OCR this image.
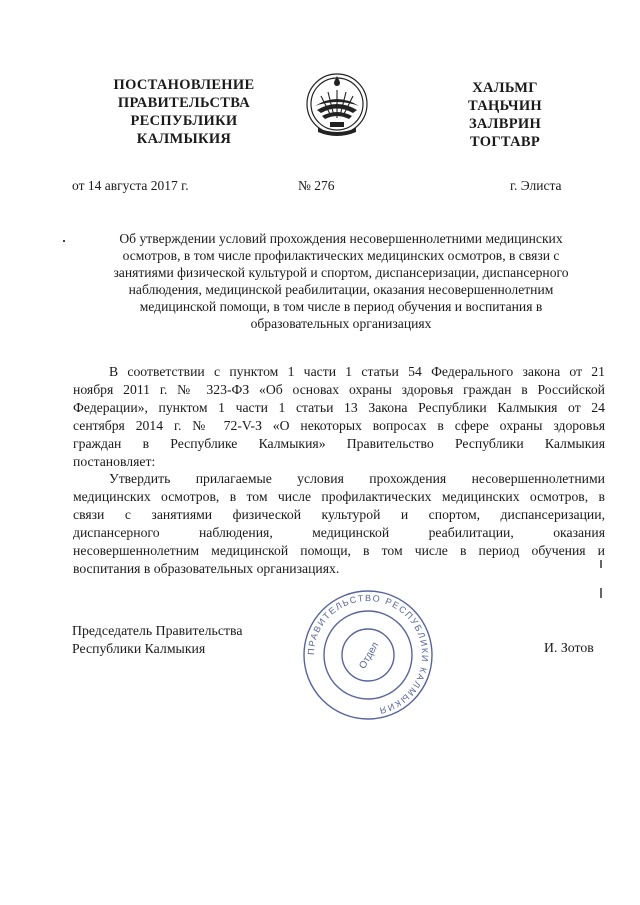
ПОСТАНОВЛЕНИЕ
ПРАВИТЕЛЬСТВА
РЕСПУБЛИКИ
КАЛМЫКИЯ
ХАЛЬМГ
ТАҢЬЧИН
ЗАЛВРИН
ТОГТАВР
от 14 августа 2017 г.	№ 276	г. Элиста
Об утверждении условий прохождения несовершеннолетними медицинских
осмотров, в том числе профилактических медицинских осмотров, в связи с
занятиями физической культурой и спортом, диспансеризации, диспансерного
наблюдения, медицинской реабилитации, оказания несовершеннолетним
медицинской помощи, в том числе в период обучения и воспитания в
образовательных организациях
В соответствии с пунктом 1 части 1 статьи 54 Федерального закона от 21
ноября 2011 г. № 323-ФЗ «Об основах охраны здоровья граждан в Российской
Федерации», пунктом 1 части 1 статьи 13 Закона Республики Калмыкия от 24
сентября 2014 г. № 72-V-З «О некоторых вопросах в сфере охраны здоровья
граждан в Республике Калмыкия» Правительство Республики Калмыкия
постановляет:
Утвердить прилагаемые условия прохождения несовершеннолетними
медицинских осмотров, в том числе профилактических медицинских осмотров, в
связи с занятиями физической культурой и спортом, диспансеризации,
диспансерного наблюдения, медицинской реабилитации, оказания
несовершеннолетним медицинской помощи, в том числе в период обучения и
воспитания в образовательных организациях.
Председатель Правительства
Республики Калмыкия	ПРАВИТЕЛЬСТВО РЕСПУБЛИКИ КАЛМЫКИЯ
Отдел	И. Зотов
